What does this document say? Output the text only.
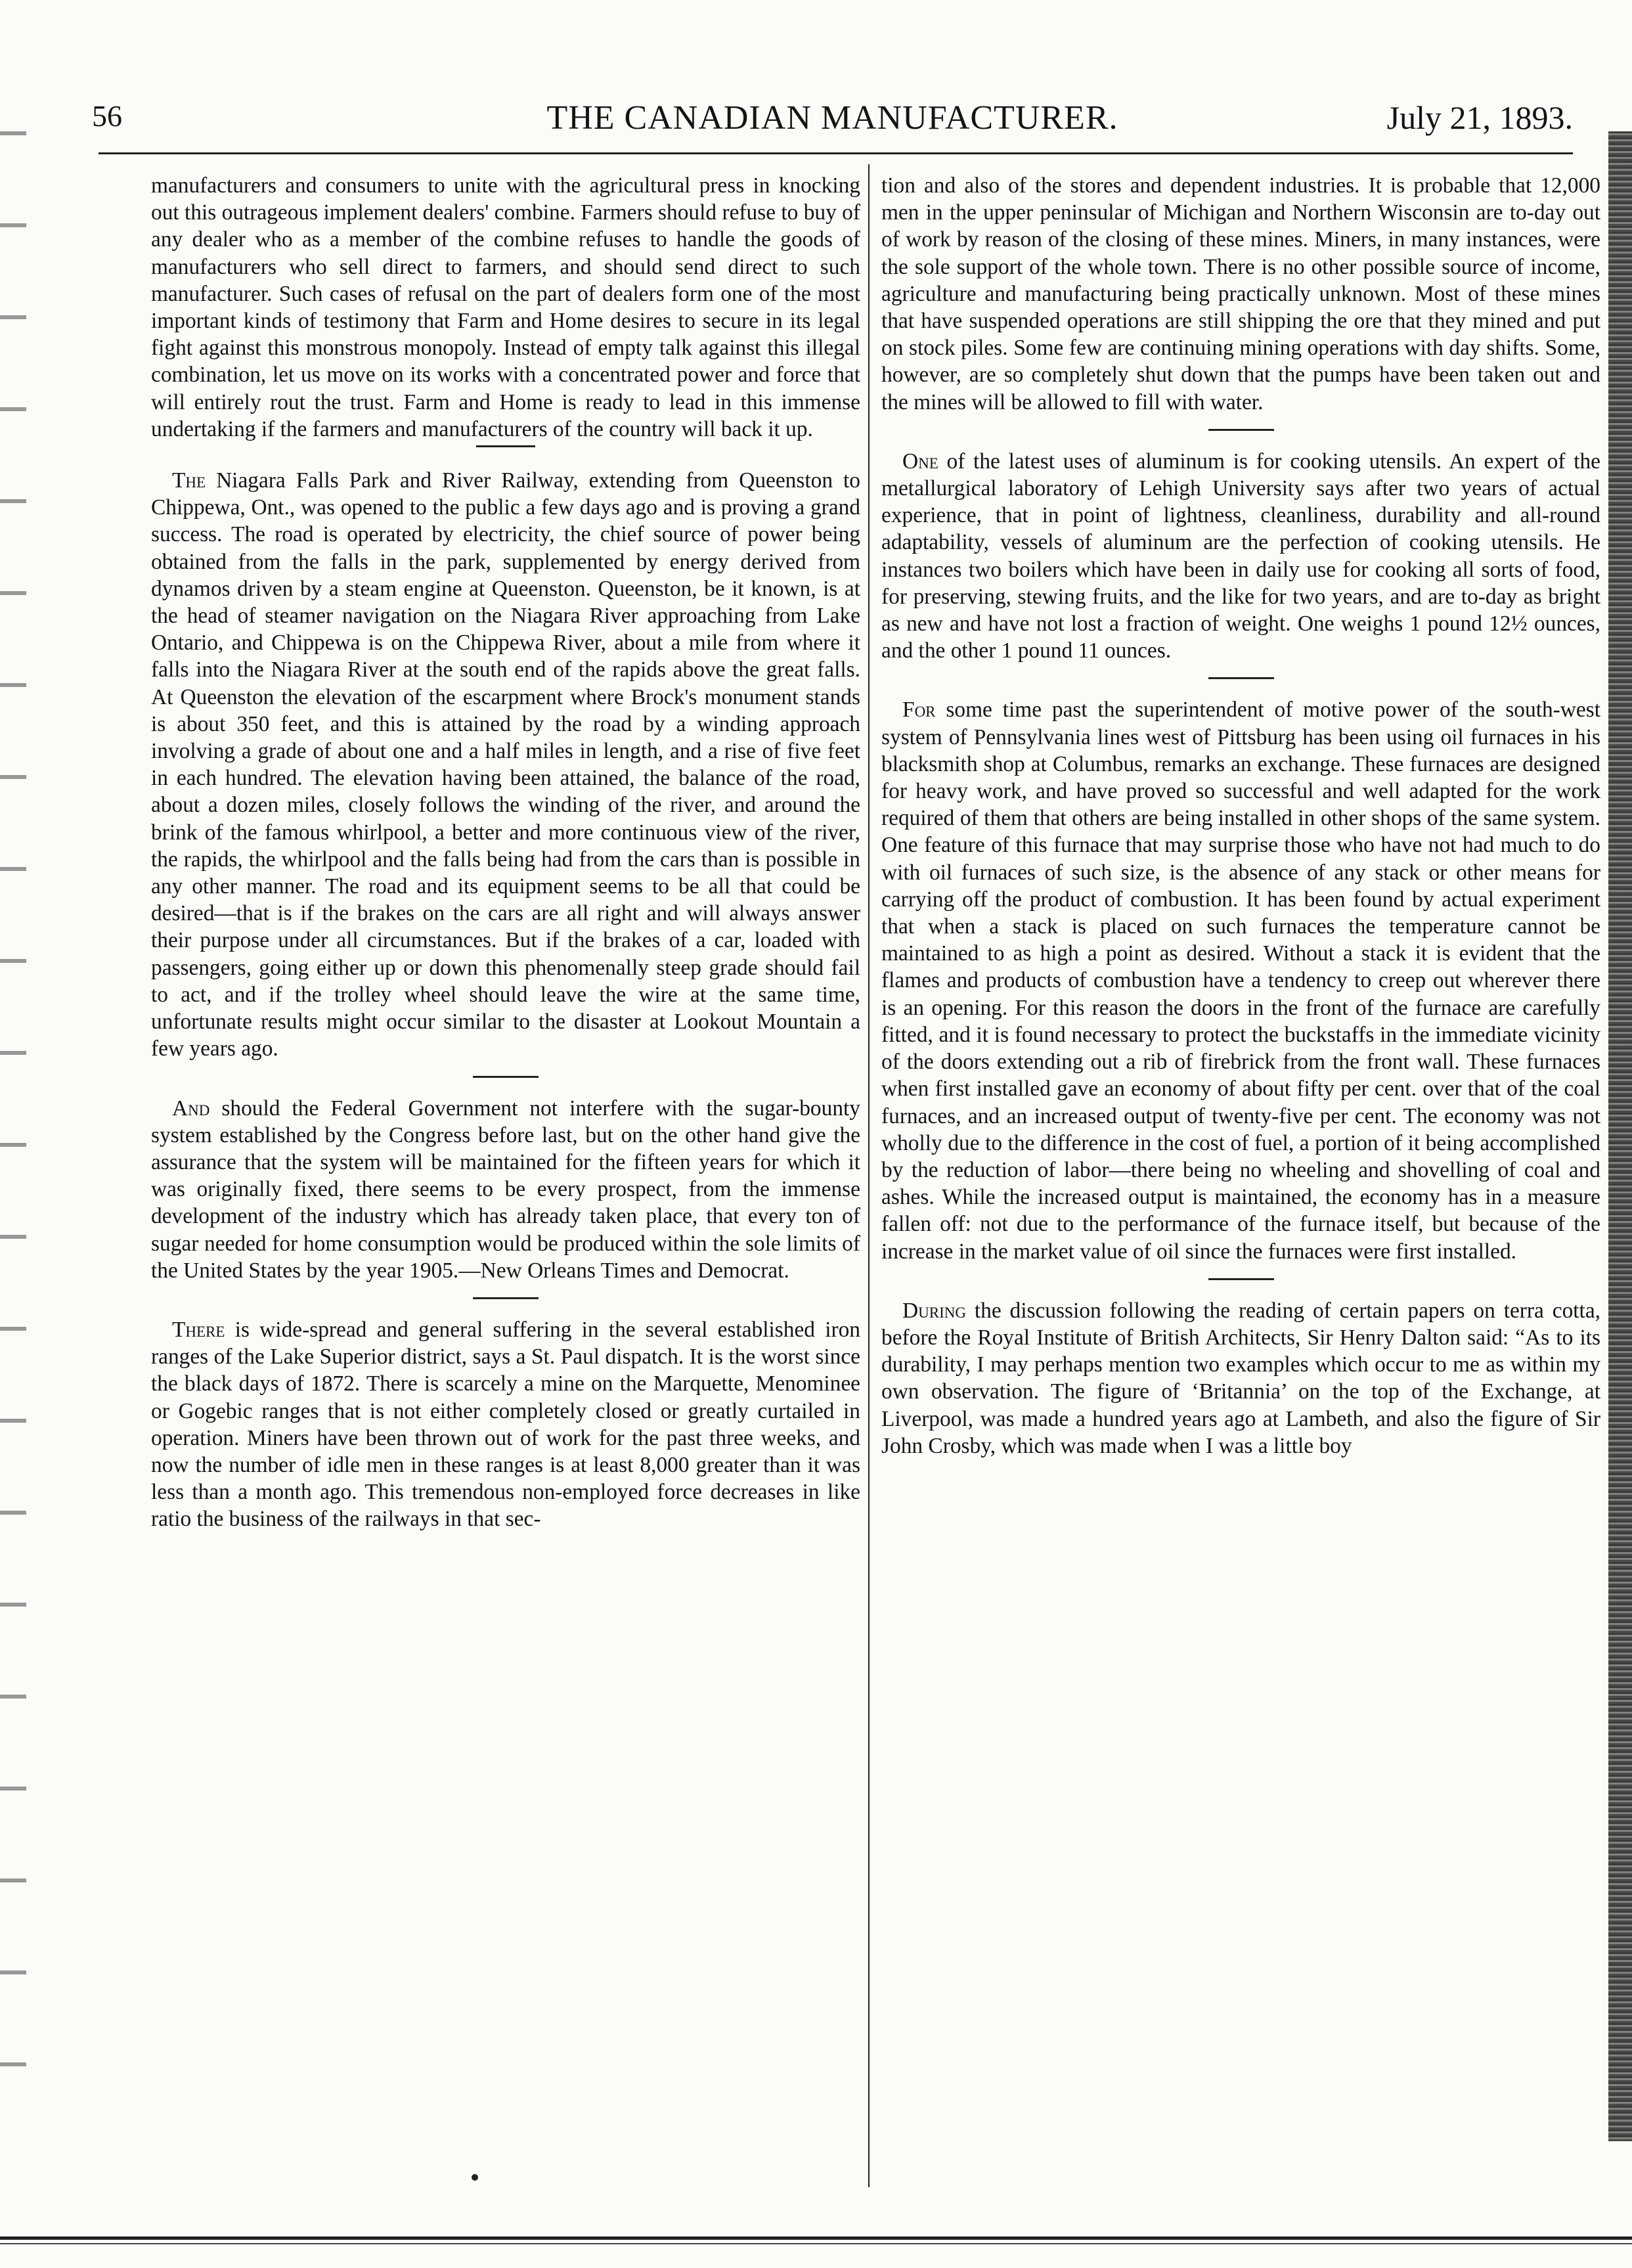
56	THE CANADIAN MANUFACTURER.	July 21, 1893.

manufacturers and consumers to unite with the agricultural press in knocking out this outrageous implement dealers' combine. Farmers should refuse to buy of any dealer who as a member of the combine refuses to handle the goods of manufacturers who sell direct to farmers, and should send direct to such manufacturer. Such cases of refusal on the part of dealers form one of the most important kinds of testimony that Farm and Home desires to secure in its legal fight against this monstrous monopoly. Instead of empty talk against this illegal combination, let us move on its works with a concentrated power and force that will entirely rout the trust. Farm and Home is ready to lead in this immense undertaking if the farmers and manufacturers of the country will back it up.

The Niagara Falls Park and River Railway, extending from Queenston to Chippewa, Ont., was opened to the public a few days ago and is proving a grand success. The road is operated by electricity, the chief source of power being obtained from the falls in the park, supplemented by energy derived from dynamos driven by a steam engine at Queenston. Queenston, be it known, is at the head of steamer navigation on the Niagara River approaching from Lake Ontario, and Chippewa is on the Chippewa River, about a mile from where it falls into the Niagara River at the south end of the rapids above the great falls. At Queenston the elevation of the escarpment where Brock's monument stands is about 350 feet, and this is attained by the road by a winding approach involving a grade of about one and a half miles in length, and a rise of five feet in each hundred. The elevation having been attained, the balance of the road, about a dozen miles, closely follows the winding of the river, and around the brink of the famous whirlpool, a better and more continuous view of the river, the rapids, the whirlpool and the falls being had from the cars than is possible in any other manner. The road and its equipment seems to be all that could be desired—that is if the brakes on the cars are all right and will always answer their purpose under all circumstances. But if the brakes of a car, loaded with passengers, going either up or down this phenomenally steep grade should fail to act, and if the trolley wheel should leave the wire at the same time, unfortunate results might occur similar to the disaster at Lookout Mountain a few years ago.

And should the Federal Government not interfere with the sugar-bounty system established by the Congress before last, but on the other hand give the assurance that the system will be maintained for the fifteen years for which it was originally fixed, there seems to be every prospect, from the immense development of the industry which has already taken place, that every ton of sugar needed for home consumption would be produced within the sole limits of the United States by the year 1905.—New Orleans Times and Democrat.

There is wide-spread and general suffering in the several established iron ranges of the Lake Superior district, says a St. Paul dispatch. It is the worst since the black days of 1872. There is scarcely a mine on the Marquette, Menominee or Gogebic ranges that is not either completely closed or greatly curtailed in operation. Miners have been thrown out of work for the past three weeks, and now the number of idle men in these ranges is at least 8,000 greater than it was less than a month ago. This tremendous non-employed force decreases in like ratio the business of the railways in that sec-

tion and also of the stores and dependent industries. It is probable that 12,000 men in the upper peninsular of Michigan and Northern Wisconsin are to-day out of work by reason of the closing of these mines. Miners, in many instances, were the sole support of the whole town. There is no other possible source of income, agriculture and manufacturing being practically unknown. Most of these mines that have suspended operations are still shipping the ore that they mined and put on stock piles. Some few are continuing mining operations with day shifts. Some, however, are so completely shut down that the pumps have been taken out and the mines will be allowed to fill with water.

One of the latest uses of aluminum is for cooking utensils. An expert of the metallurgical laboratory of Lehigh University says after two years of actual experience, that in point of lightness, cleanliness, durability and all-round adaptability, vessels of aluminum are the perfection of cooking utensils. He instances two boilers which have been in daily use for cooking all sorts of food, for preserving, stewing fruits, and the like for two years, and are to-day as bright as new and have not lost a fraction of weight. One weighs 1 pound 12½ ounces, and the other 1 pound 11 ounces.

For some time past the superintendent of motive power of the south-west system of Pennsylvania lines west of Pittsburg has been using oil furnaces in his blacksmith shop at Columbus, remarks an exchange. These furnaces are designed for heavy work, and have proved so successful and well adapted for the work required of them that others are being installed in other shops of the same system. One feature of this furnace that may surprise those who have not had much to do with oil furnaces of such size, is the absence of any stack or other means for carrying off the product of combustion. It has been found by actual experiment that when a stack is placed on such furnaces the temperature cannot be maintained to as high a point as desired. Without a stack it is evident that the flames and products of combustion have a tendency to creep out wherever there is an opening. For this reason the doors in the front of the furnace are carefully fitted, and it is found necessary to protect the buckstaffs in the immediate vicinity of the doors extending out a rib of firebrick from the front wall. These furnaces when first installed gave an economy of about fifty per cent. over that of the coal furnaces, and an increased output of twenty-five per cent. The economy was not wholly due to the difference in the cost of fuel, a portion of it being accomplished by the reduction of labor—there being no wheeling and shovelling of coal and ashes. While the increased output is maintained, the economy has in a measure fallen off: not due to the performance of the furnace itself, but because of the increase in the market value of oil since the furnaces were first installed.

During the discussion following the reading of certain papers on terra cotta, before the Royal Institute of British Architects, Sir Henry Dalton said: “As to its durability, I may perhaps mention two examples which occur to me as within my own observation. The figure of ‘Britannia’ on the top of the Exchange, at Liverpool, was made a hundred years ago at Lambeth, and also the figure of Sir John Crosby, which was made when I was a little boy
